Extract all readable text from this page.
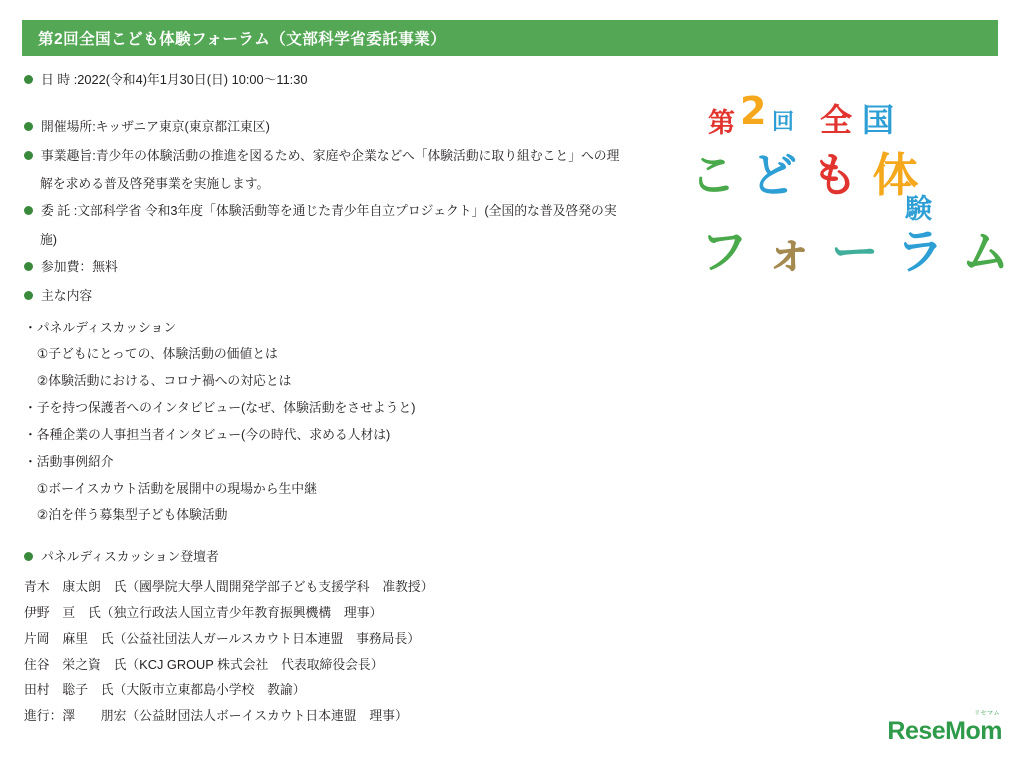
第2回全国こども体験フォーラム（文部科学省委託事業）
日 時 :2022(令和4)年1月30日(日) 10:00〜11:30
開催場所:キッザニア東京(東京都江東区)
事業趣旨:青少年の体験活動の推進を図るため、家庭や企業などへ「体験活動に取り組むこと」への理
解を求める普及啓発事業を実施します。
委 託 :文部科学省 令和3年度「体験活動等を通じた青少年自立プロジェクト」(全国的な普及啓発の実
施)
参加費：無料
主な内容
・パネルディスカッション
　①子どもにとっての、体験活動の価値とは
　②体験活動における、コロナ禍への対応とは
・子を持つ保護者へのインタビビュー(なぜ、体験活動をさせようと)
・各種企業の人事担当者インタビュー(今の時代、求める人材は)
・活動事例紹介
　①ボーイスカウト活動を展開中の現場から生中継
　②泊を伴う募集型子ども体験活動
パネルディスカッション登壇者
青木　康太朗　氏（國學院大學人間開発学部子ども支援学科　准教授）
伊野　亘　氏（独立行政法人国立青少年教育振興機構　理事）
片岡　麻里　氏（公益社団法人ガールスカウト日本連盟　事務局長）
住谷　栄之資　氏（KCJ GROUP 株式会社　代表取締役会長）
田村　聡子　氏（大阪市立東都島小学校　教諭）
進行：澤　　朋宏（公益財団法人ボーイスカウト日本連盟　理事）
第 2 回 全 国
こ ど も 体
験
フ ォ ー ラ ム
Rese
リセマム
Mom
